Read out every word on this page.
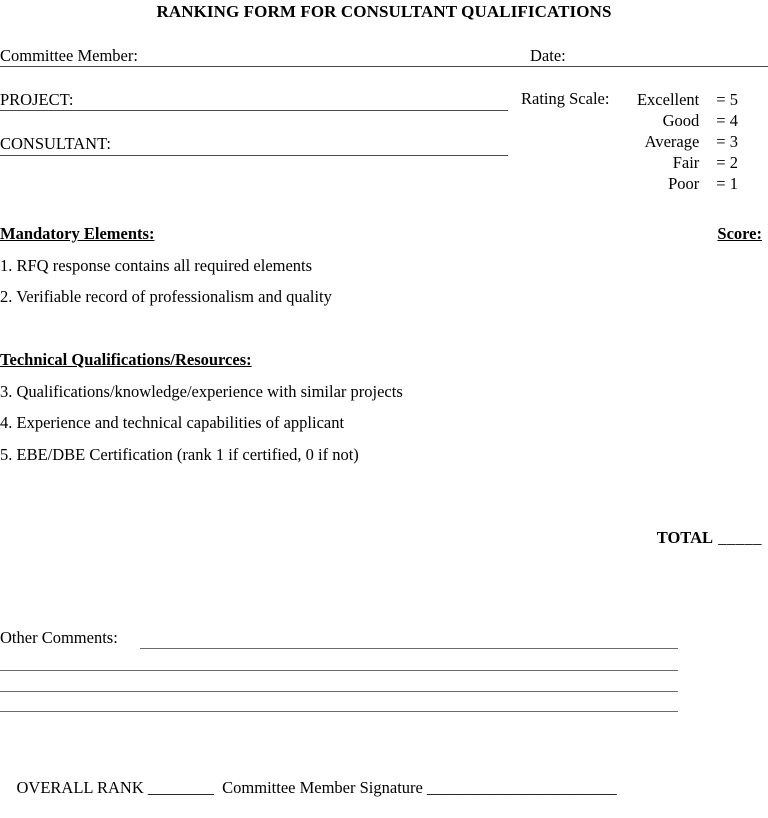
RANKING FORM FOR CONSULTANT QUALIFICATIONS
Committee Member:	Date:
PROJECT:
CONSULTANT:
Rating Scale:	Excellent	= 5
Good	= 4
Average	= 3
Fair	= 2
Poor	= 1
Mandatory Elements:	Score:
1. RFQ response contains all required elements
2. Verifiable record of professionalism and quality
Technical Qualifications/Resources:
3. Qualifications/knowledge/experience with similar projects
4. Experience and technical capabilities of applicant
5. EBE/DBE Certification (rank 1 if certified, 0 if not)
TOTAL _____
Other Comments:

OVERALL RANK ________ Committee Member Signature _______________________
